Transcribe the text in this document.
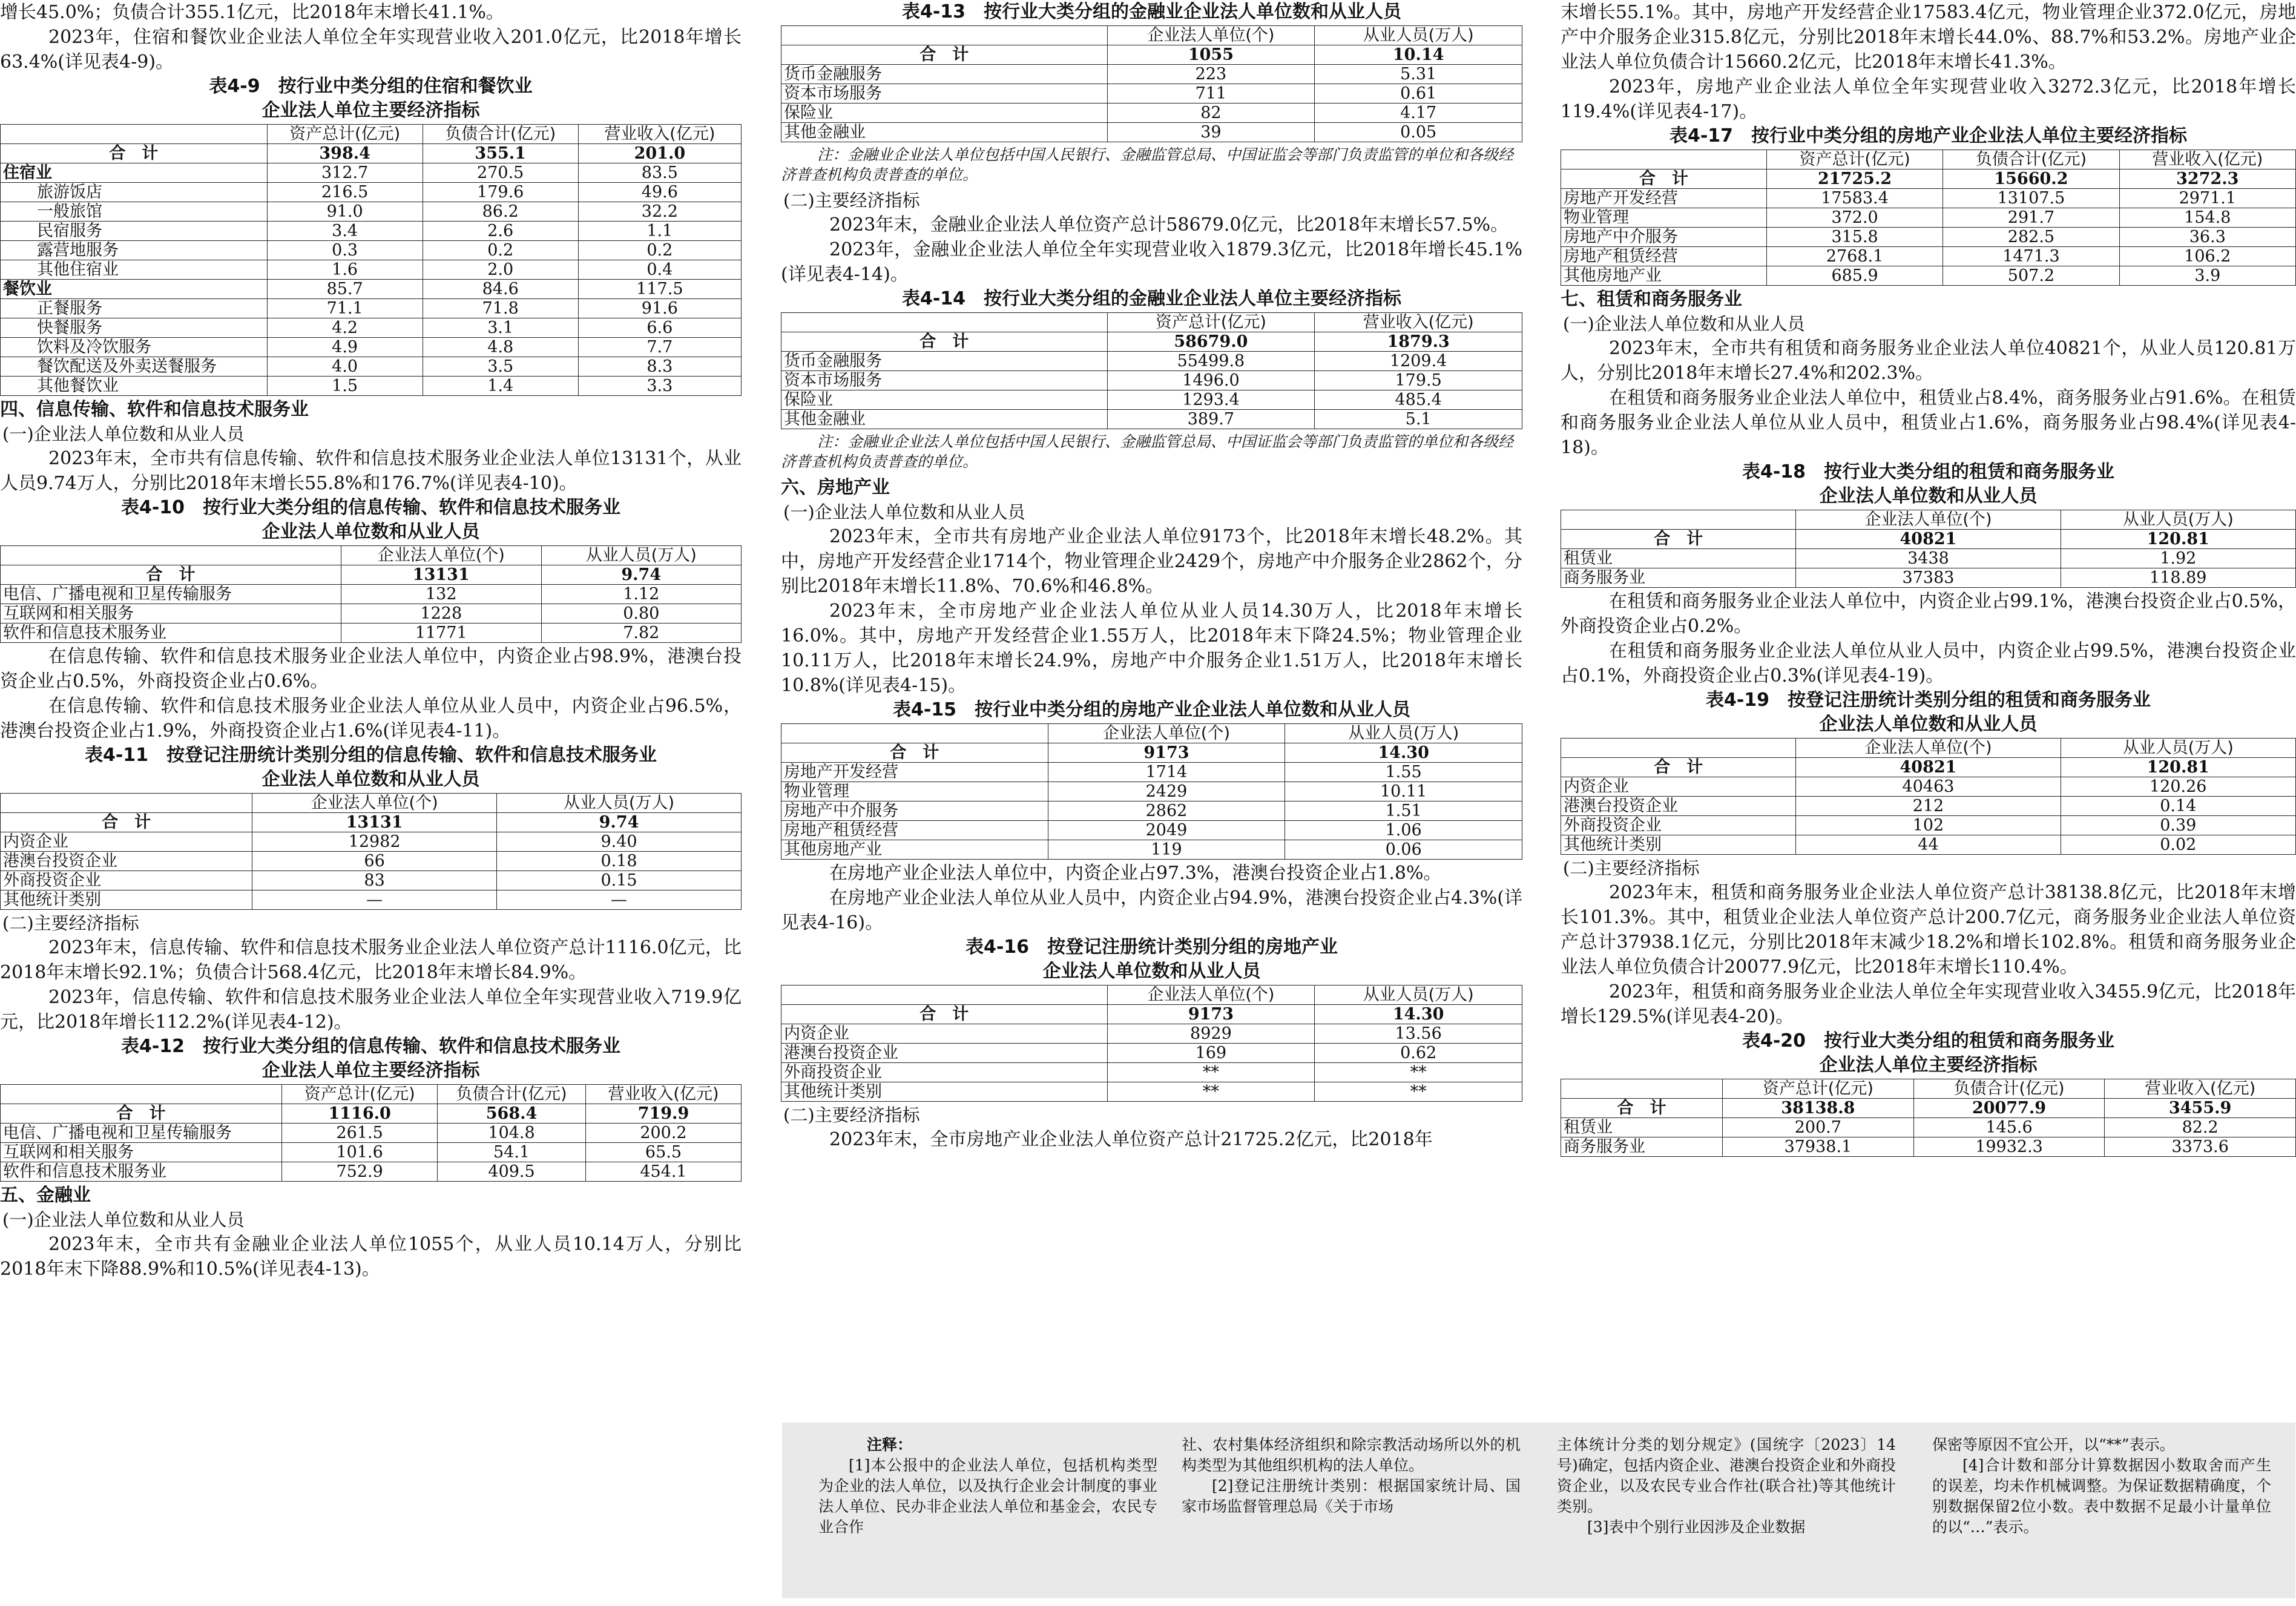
增长45.0%；负债合计355.1亿元，比2018年末增长41.1%。

2023年，住宿和餐饮业企业法人单位全年实现营业收入201.0亿元，比2018年增长63.4%(详见表4-9)。

表4-9 按行业中类分组的住宿和餐饮业

企业法人单位主要经济指标

	资产总计(亿元)	负债合计(亿元)	营业收入(亿元)
合　计	398.4	355.1	201.0
住宿业	312.7	270.5	83.5
旅游饭店	216.5	179.6	49.6
一般旅馆	91.0	86.2	32.2
民宿服务	3.4	2.6	1.1
露营地服务	0.3	0.2	0.2
其他住宿业	1.6	2.0	0.4
餐饮业	85.7	84.6	117.5
正餐服务	71.1	71.8	91.6
快餐服务	4.2	3.1	6.6
饮料及冷饮服务	4.9	4.8	7.7
餐饮配送及外卖送餐服务	4.0	3.5	8.3
其他餐饮业	1.5	1.4	3.3

四、信息传输、软件和信息技术服务业

(一)企业法人单位数和从业人员

2023年末，全市共有信息传输、软件和信息技术服务业企业法人单位13131个，从业人员9.74万人，分别比2018年末增长55.8%和176.7%(详见表4-10)。

表4-10 按行业大类分组的信息传输、软件和信息技术服务业

企业法人单位数和从业人员

	企业法人单位(个)	从业人员(万人)
合　计	13131	9.74
电信、广播电视和卫星传输服务	132	1.12
互联网和相关服务	1228	0.80
软件和信息技术服务业	11771	7.82

在信息传输、软件和信息技术服务业企业法人单位中，内资企业占98.9%，港澳台投资企业占0.5%，外商投资企业占0.6%。

在信息传输、软件和信息技术服务业企业法人单位从业人员中，内资企业占96.5%，港澳台投资企业占1.9%，外商投资企业占1.6%(详见表4-11)。

表4-11 按登记注册统计类别分组的信息传输、软件和信息技术服务业

企业法人单位数和从业人员

	企业法人单位(个)	从业人员(万人)
合　计	13131	9.74
内资企业	12982	9.40
港澳台投资企业	66	0.18
外商投资企业	83	0.15
其他统计类别	—	—

(二)主要经济指标

2023年末，信息传输、软件和信息技术服务业企业法人单位资产总计1116.0亿元，比2018年末增长92.1%；负债合计568.4亿元，比2018年末增长84.9%。

2023年，信息传输、软件和信息技术服务业企业法人单位全年实现营业收入719.9亿元，比2018年增长112.2%(详见表4-12)。

表4-12 按行业大类分组的信息传输、软件和信息技术服务业

企业法人单位主要经济指标

	资产总计(亿元)	负债合计(亿元)	营业收入(亿元)
合　计	1116.0	568.4	719.9
电信、广播电视和卫星传输服务	261.5	104.8	200.2
互联网和相关服务	101.6	54.1	65.5
软件和信息技术服务业	752.9	409.5	454.1

五、金融业

(一)企业法人单位数和从业人员

2023年末，全市共有金融业企业法人单位1055个，从业人员10.14万人，分别比2018年末下降88.9%和10.5%(详见表4-13)。

表4-13 按行业大类分组的金融业企业法人单位数和从业人员

	企业法人单位(个)	从业人员(万人)
合　计	1055	10.14
货币金融服务	223	5.31
资本市场服务	711	0.61
保险业	82	4.17
其他金融业	39	0.05

注：金融业企业法人单位包括中国人民银行、金融监管总局、中国证监会等部门负责监管的单位和各级经济普查机构负责普查的单位。

(二)主要经济指标

2023年末，金融业企业法人单位资产总计58679.0亿元，比2018年末增长57.5%。

2023年，金融业企业法人单位全年实现营业收入1879.3亿元，比2018年增长45.1%(详见表4-14)。

表4-14 按行业大类分组的金融业企业法人单位主要经济指标

	资产总计(亿元)	营业收入(亿元)
合　计	58679.0	1879.3
货币金融服务	55499.8	1209.4
资本市场服务	1496.0	179.5
保险业	1293.4	485.4
其他金融业	389.7	5.1

注：金融业企业法人单位包括中国人民银行、金融监管总局、中国证监会等部门负责监管的单位和各级经济普查机构负责普查的单位。

六、房地产业

(一)企业法人单位数和从业人员

2023年末，全市共有房地产业企业法人单位9173个，比2018年末增长48.2%。其中，房地产开发经营企业1714个，物业管理企业2429个，房地产中介服务企业2862个，分别比2018年末增长11.8%、70.6%和46.8%。

2023年末，全市房地产业企业法人单位从业人员14.30万人，比2018年末增长16.0%。其中，房地产开发经营企业1.55万人，比2018年末下降24.5%；物业管理企业10.11万人，比2018年末增长24.9%，房地产中介服务企业1.51万人，比2018年末增长10.8%(详见表4-15)。

表4-15 按行业中类分组的房地产业企业法人单位数和从业人员

	企业法人单位(个)	从业人员(万人)
合　计	9173	14.30
房地产开发经营	1714	1.55
物业管理	2429	10.11
房地产中介服务	2862	1.51
房地产租赁经营	2049	1.06
其他房地产业	119	0.06

在房地产业企业法人单位中，内资企业占97.3%，港澳台投资企业占1.8%。

在房地产业企业法人单位从业人员中，内资企业占94.9%，港澳台投资企业占4.3%(详见表4-16)。

表4-16 按登记注册统计类别分组的房地产业

企业法人单位数和从业人员

	企业法人单位(个)	从业人员(万人)
合　计	9173	14.30
内资企业	8929	13.56
港澳台投资企业	169	0.62
外商投资企业	**	**
其他统计类别	**	**

(二)主要经济指标

2023年末，全市房地产业企业法人单位资产总计21725.2亿元，比2018年

末增长55.1%。其中，房地产开发经营企业17583.4亿元，物业管理企业372.0亿元，房地产中介服务企业315.8亿元，分别比2018年末增长44.0%、88.7%和53.2%。房地产业企业法人单位负债合计15660.2亿元，比2018年末增长41.3%。

2023年，房地产业企业法人单位全年实现营业收入3272.3亿元，比2018年增长119.4%(详见表4-17)。

表4-17 按行业中类分组的房地产业企业法人单位主要经济指标

	资产总计(亿元)	负债合计(亿元)	营业收入(亿元)
合　计	21725.2	15660.2	3272.3
房地产开发经营	17583.4	13107.5	2971.1
物业管理	372.0	291.7	154.8
房地产中介服务	315.8	282.5	36.3
房地产租赁经营	2768.1	1471.3	106.2
其他房地产业	685.9	507.2	3.9

七、租赁和商务服务业

(一)企业法人单位数和从业人员

2023年末，全市共有租赁和商务服务业企业法人单位40821个，从业人员120.81万人，分别比2018年末增长27.4%和202.3%。

在租赁和商务服务业企业法人单位中，租赁业占8.4%，商务服务业占91.6%。在租赁和商务服务业企业法人单位从业人员中，租赁业占1.6%，商务服务业占98.4%(详见表4-18)。

表4-18 按行业大类分组的租赁和商务服务业

企业法人单位数和从业人员

	企业法人单位(个)	从业人员(万人)
合　计	40821	120.81
租赁业	3438	1.92
商务服务业	37383	118.89

在租赁和商务服务业企业法人单位中，内资企业占99.1%，港澳台投资企业占0.5%，外商投资企业占0.2%。

在租赁和商务服务业企业法人单位从业人员中，内资企业占99.5%，港澳台投资企业占0.1%，外商投资企业占0.3%(详见表4-19)。

表4-19 按登记注册统计类别分组的租赁和商务服务业

企业法人单位数和从业人员

	企业法人单位(个)	从业人员(万人)
合　计	40821	120.81
内资企业	40463	120.26
港澳台投资企业	212	0.14
外商投资企业	102	0.39
其他统计类别	44	0.02

(二)主要经济指标

2023年末，租赁和商务服务业企业法人单位资产总计38138.8亿元，比2018年末增长101.3%。其中，租赁业企业法人单位资产总计200.7亿元，商务服务业企业法人单位资产总计37938.1亿元，分别比2018年末减少18.2%和增长102.8%。租赁和商务服务业企业法人单位负债合计20077.9亿元，比2018年末增长110.4%。

2023年，租赁和商务服务业企业法人单位全年实现营业收入3455.9亿元，比2018年增长129.5%(详见表4-20)。

表4-20 按行业大类分组的租赁和商务服务业

企业法人单位主要经济指标

	资产总计(亿元)	负债合计(亿元)	营业收入(亿元)
合　计	38138.8	20077.9	3455.9
租赁业	200.7	145.6	82.2
商务服务业	37938.1	19932.3	3373.6

注释：

[1]本公报中的企业法人单位，包括机构类型为企业的法人单位，以及执行企业会计制度的事业法人单位、民办非企业法人单位和基金会，农民专业合作

社、农村集体经济组织和除宗教活动场所以外的机构类型为其他组织机构的法人单位。

[2]登记注册统计类别：根据国家统计局、国家市场监督管理总局《关于市场

主体统计分类的划分规定》(国统字〔2023〕14号)确定，包括内资企业、港澳台投资企业和外商投资企业，以及农民专业合作社(联合社)等其他统计类别。

[3]表中个别行业因涉及企业数据

保密等原因不宜公开，以“**”表示。

[4]合计数和部分计算数据因小数取舍而产生的误差，均未作机械调整。为保证数据精确度，个别数据保留2位小数。表中数据不足最小计量单位的以“…”表示。
